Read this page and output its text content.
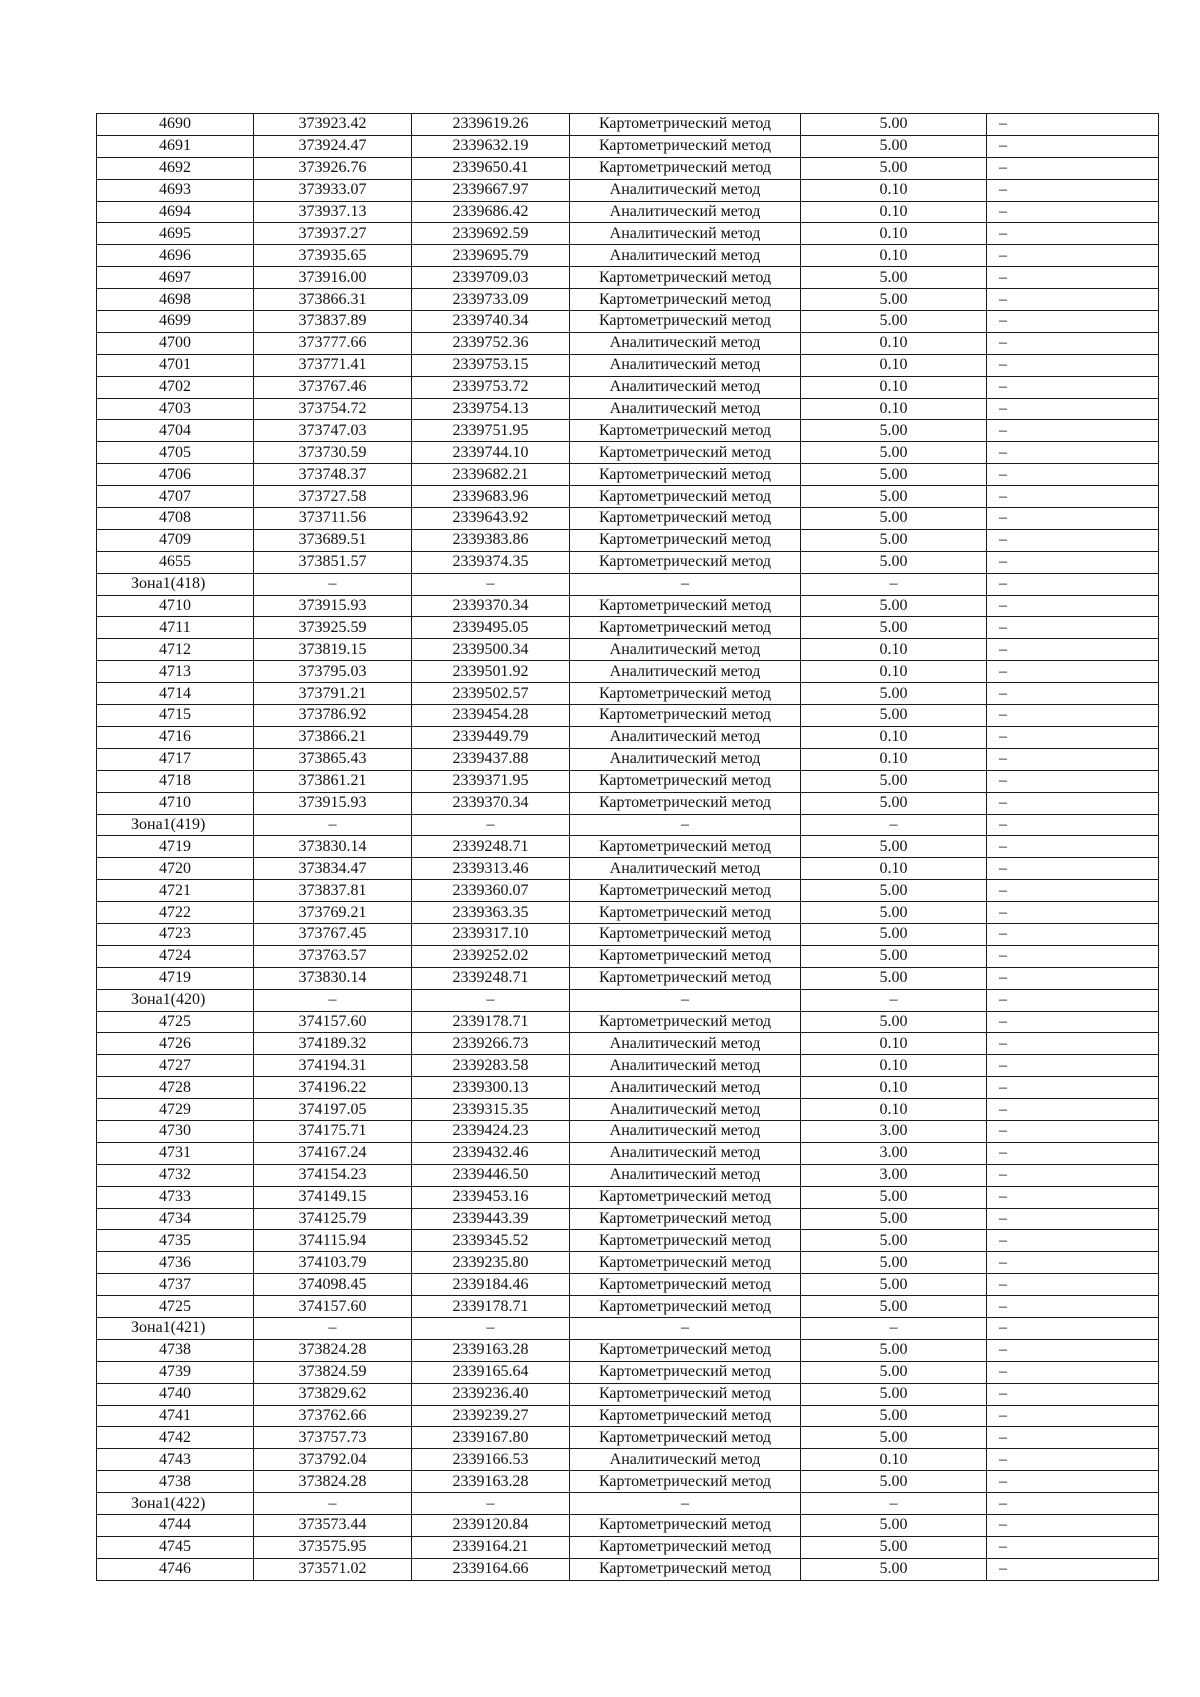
4690	373923.42	2339619.26	Картометрический метод	5.00	–
4691	373924.47	2339632.19	Картометрический метод	5.00	–
4692	373926.76	2339650.41	Картометрический метод	5.00	–
4693	373933.07	2339667.97	Аналитический метод	0.10	–
4694	373937.13	2339686.42	Аналитический метод	0.10	–
4695	373937.27	2339692.59	Аналитический метод	0.10	–
4696	373935.65	2339695.79	Аналитический метод	0.10	–
4697	373916.00	2339709.03	Картометрический метод	5.00	–
4698	373866.31	2339733.09	Картометрический метод	5.00	–
4699	373837.89	2339740.34	Картометрический метод	5.00	–
4700	373777.66	2339752.36	Аналитический метод	0.10	–
4701	373771.41	2339753.15	Аналитический метод	0.10	–
4702	373767.46	2339753.72	Аналитический метод	0.10	–
4703	373754.72	2339754.13	Аналитический метод	0.10	–
4704	373747.03	2339751.95	Картометрический метод	5.00	–
4705	373730.59	2339744.10	Картометрический метод	5.00	–
4706	373748.37	2339682.21	Картометрический метод	5.00	–
4707	373727.58	2339683.96	Картометрический метод	5.00	–
4708	373711.56	2339643.92	Картометрический метод	5.00	–
4709	373689.51	2339383.86	Картометрический метод	5.00	–
4655	373851.57	2339374.35	Картометрический метод	5.00	–
Зона1(418)	–	–	–	–	–
4710	373915.93	2339370.34	Картометрический метод	5.00	–
4711	373925.59	2339495.05	Картометрический метод	5.00	–
4712	373819.15	2339500.34	Аналитический метод	0.10	–
4713	373795.03	2339501.92	Аналитический метод	0.10	–
4714	373791.21	2339502.57	Картометрический метод	5.00	–
4715	373786.92	2339454.28	Картометрический метод	5.00	–
4716	373866.21	2339449.79	Аналитический метод	0.10	–
4717	373865.43	2339437.88	Аналитический метод	0.10	–
4718	373861.21	2339371.95	Картометрический метод	5.00	–
4710	373915.93	2339370.34	Картометрический метод	5.00	–
Зона1(419)	–	–	–	–	–
4719	373830.14	2339248.71	Картометрический метод	5.00	–
4720	373834.47	2339313.46	Аналитический метод	0.10	–
4721	373837.81	2339360.07	Картометрический метод	5.00	–
4722	373769.21	2339363.35	Картометрический метод	5.00	–
4723	373767.45	2339317.10	Картометрический метод	5.00	–
4724	373763.57	2339252.02	Картометрический метод	5.00	–
4719	373830.14	2339248.71	Картометрический метод	5.00	–
Зона1(420)	–	–	–	–	–
4725	374157.60	2339178.71	Картометрический метод	5.00	–
4726	374189.32	2339266.73	Аналитический метод	0.10	–
4727	374194.31	2339283.58	Аналитический метод	0.10	–
4728	374196.22	2339300.13	Аналитический метод	0.10	–
4729	374197.05	2339315.35	Аналитический метод	0.10	–
4730	374175.71	2339424.23	Аналитический метод	3.00	–
4731	374167.24	2339432.46	Аналитический метод	3.00	–
4732	374154.23	2339446.50	Аналитический метод	3.00	–
4733	374149.15	2339453.16	Картометрический метод	5.00	–
4734	374125.79	2339443.39	Картометрический метод	5.00	–
4735	374115.94	2339345.52	Картометрический метод	5.00	–
4736	374103.79	2339235.80	Картометрический метод	5.00	–
4737	374098.45	2339184.46	Картометрический метод	5.00	–
4725	374157.60	2339178.71	Картометрический метод	5.00	–
Зона1(421)	–	–	–	–	–
4738	373824.28	2339163.28	Картометрический метод	5.00	–
4739	373824.59	2339165.64	Картометрический метод	5.00	–
4740	373829.62	2339236.40	Картометрический метод	5.00	–
4741	373762.66	2339239.27	Картометрический метод	5.00	–
4742	373757.73	2339167.80	Картометрический метод	5.00	–
4743	373792.04	2339166.53	Аналитический метод	0.10	–
4738	373824.28	2339163.28	Картометрический метод	5.00	–
Зона1(422)	–	–	–	–	–
4744	373573.44	2339120.84	Картометрический метод	5.00	–
4745	373575.95	2339164.21	Картометрический метод	5.00	–
4746	373571.02	2339164.66	Картометрический метод	5.00	–
